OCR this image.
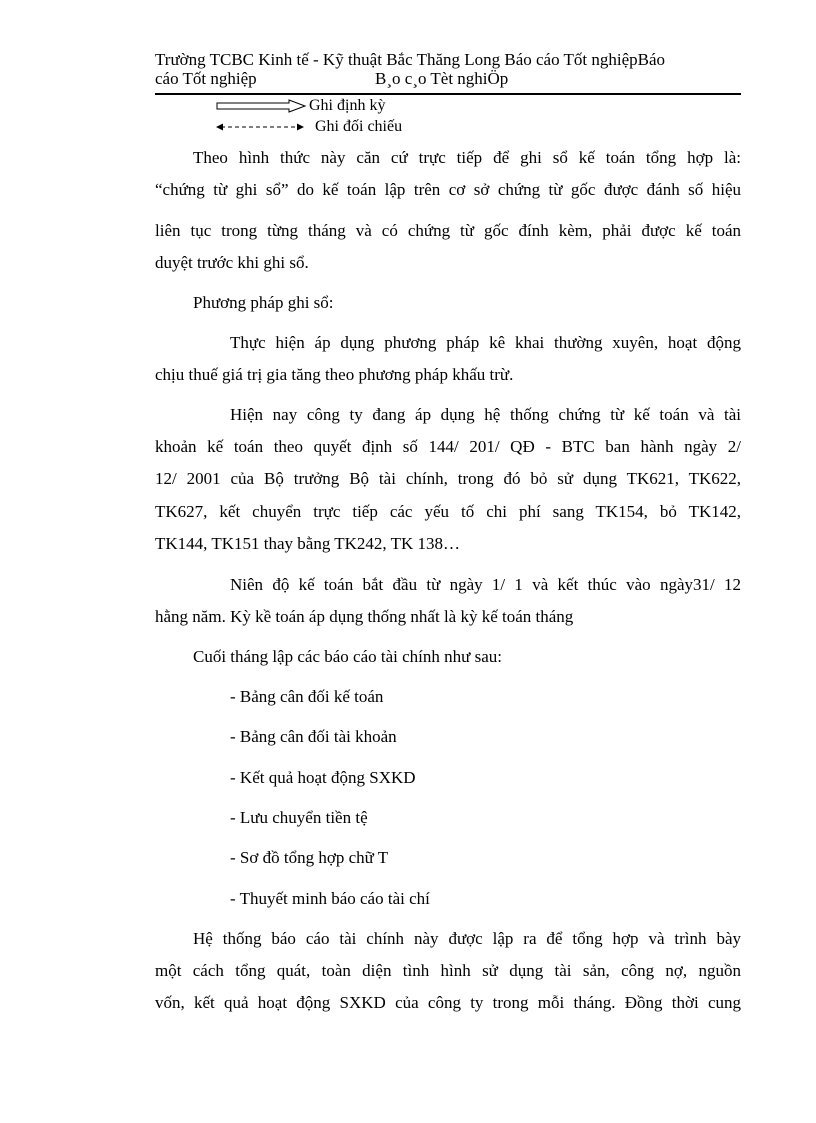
Trường TCBC Kinh tế - Kỹ thuật Bắc Thăng Long Báo cáo Tốt nghiệpBáo
cáo Tốt nghiệp	B¸o c¸o Tèt nghiÖp
Ghi định kỳ
Ghi đối chiếu

Theo hình thức này căn cứ trực tiếp để ghi sổ kế toán tổng hợp là:

“chứng từ ghi sổ” do kế toán lập trên cơ sở chứng từ gốc được đánh số hiệu

liên tục trong từng tháng và có chứng từ gốc đính kèm, phải được kế toán

duyệt trước khi ghi sổ.

Phương pháp ghi sổ:

Thực hiện áp dụng phương pháp kê khai thường xuyên, hoạt động

chịu thuế giá trị gia tăng theo phương pháp khấu trừ.

Hiện nay công ty đang áp dụng hệ thống chứng từ kế toán và tài

khoản kế toán theo quyết định số 144/ 201/ QĐ - BTC ban hành ngày 2/

12/ 2001 của Bộ trưởng Bộ tài chính, trong đó bỏ sử dụng TK621, TK622,

TK627, kết chuyển trực tiếp các yếu tố chi phí sang TK154, bỏ TK142,

TK144, TK151 thay bằng TK242, TK 138…

Niên độ kế toán bắt đầu từ ngày 1/ 1 và kết thúc vào ngày31/ 12

hằng năm. Kỳ kề toán áp dụng thống nhất là kỳ kế toán tháng

Cuối tháng lập các báo cáo tài chính như sau:

- Bảng cân đối kế toán

- Bảng cân đối tài khoản

- Kết quả hoạt động SXKD

- Lưu chuyển tiền tệ

- Sơ đồ tổng hợp chữ T

- Thuyết minh báo cáo tài chí

Hệ thống báo cáo tài chính này được lập ra để tổng hợp và trình bày

một cách tổng quát, toàn diện tình hình sử dụng tài sản, công nợ, nguồn

vốn, kết quả hoạt động SXKD của công ty trong mỗi tháng. Đồng thời cung
